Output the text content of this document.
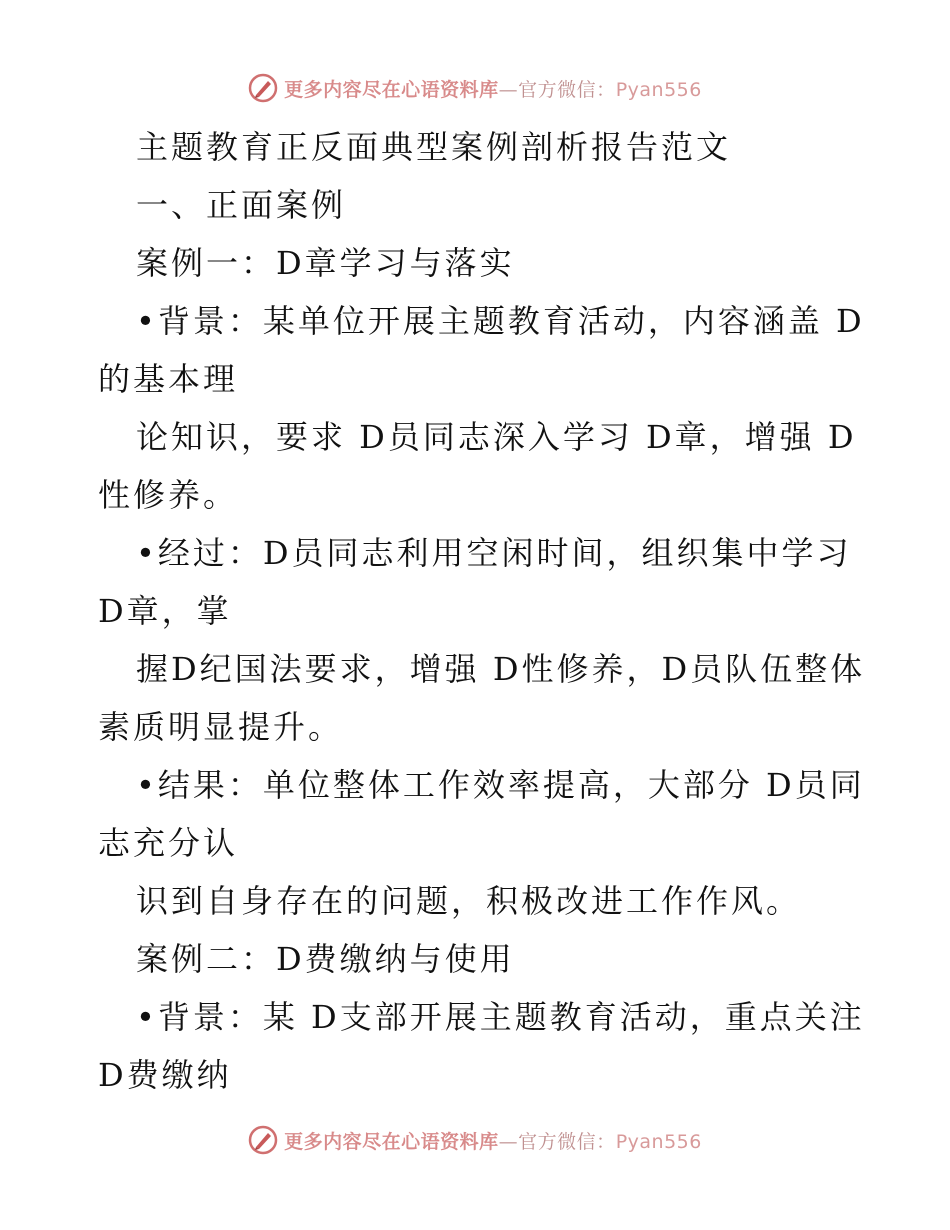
更多内容尽在心语资料库—官方微信：Pyan556
主题教育正反面典型案例剖析报告范文
一、正面案例
案例一：D章学习与落实
•背景：某单位开展主题教育活动，内容涵盖 D
的基本理
论知识，要求 D员同志深入学习 D章，增强 D
性修养。
•经过：D员同志利用空闲时间，组织集中学习
D章，掌
握D纪国法要求，增强 D性修养，D员队伍整体
素质明显提升。
•结果：单位整体工作效率提高，大部分 D员同
志充分认
识到自身存在的问题，积极改进工作作风。
案例二：D费缴纳与使用
•背景：某 D支部开展主题教育活动，重点关注
D费缴纳
更多内容尽在心语资料库—官方微信：Pyan556
